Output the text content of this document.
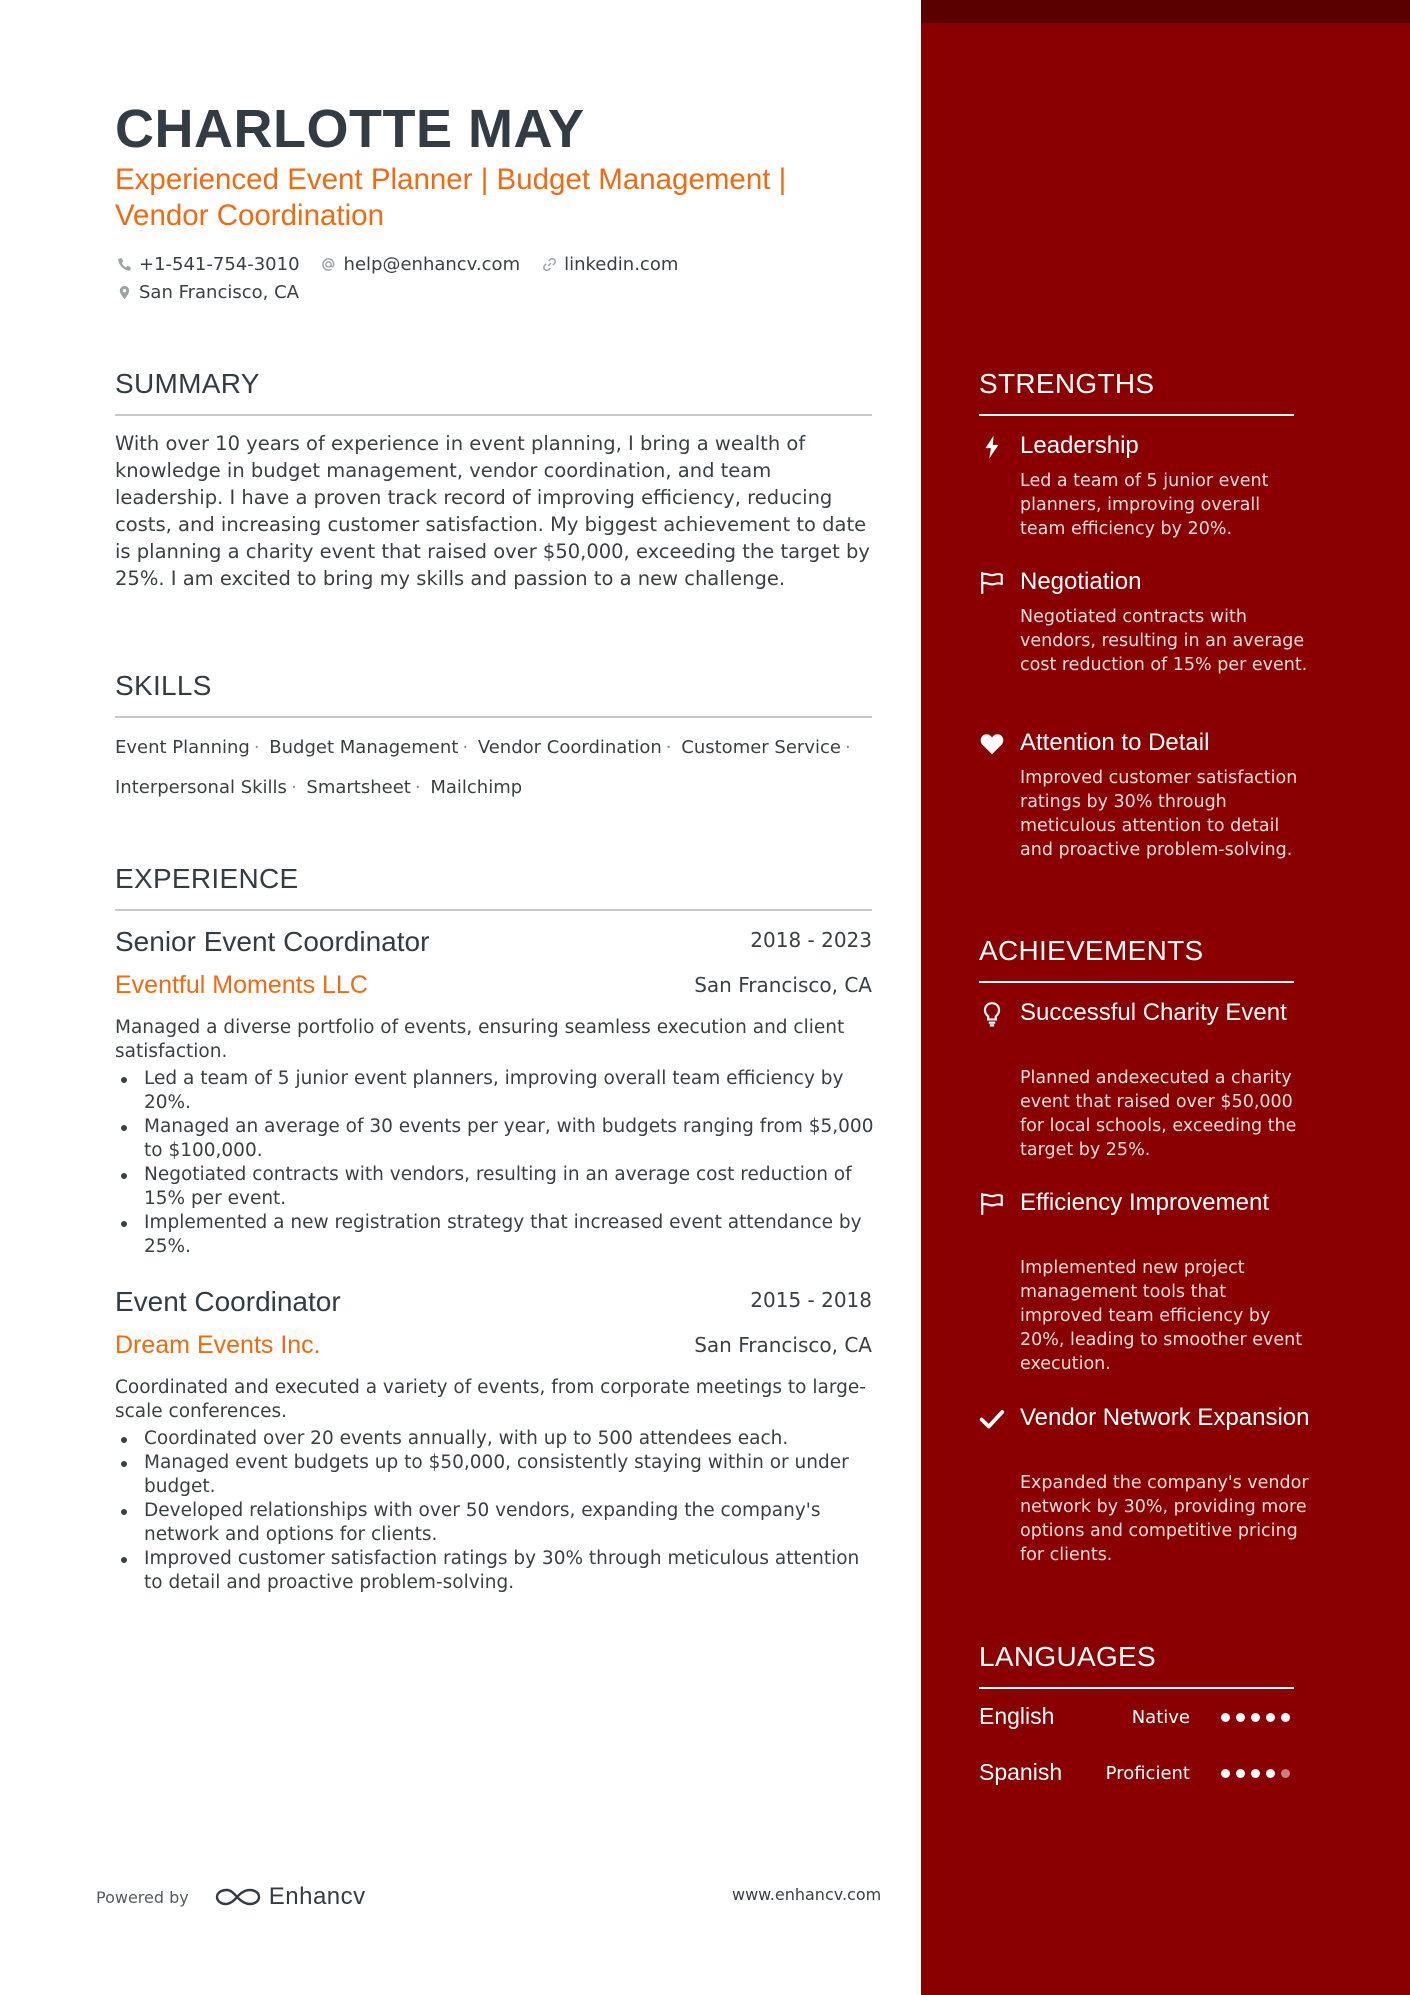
CHARLOTTE MAY
Experienced Event Planner | Budget Management | Vendor Coordination
+1-541-754-3010 help@enhancv.com linkedin.com
San Francisco, CA
SUMMARY
With over 10 years of experience in event planning, I bring a wealth of knowledge in budget management, vendor coordination, and team leadership. I have a proven track record of improving efficiency, reducing costs, and increasing customer satisfaction. My biggest achievement to date is planning a charity event that raised over $50,000, exceeding the target by 25%. I am excited to bring my skills and passion to a new challenge.
SKILLS
Event Planning · Budget Management · Vendor Coordination · Customer Service · Interpersonal Skills · Smartsheet · Mailchimp
EXPERIENCE
Senior Event Coordinator	2018 - 2023
Eventful Moments LLC	San Francisco, CA
Managed a diverse portfolio of events, ensuring seamless execution and client satisfaction.
Led a team of 5 junior event planners, improving overall team efficiency by 20%.
Managed an average of 30 events per year, with budgets ranging from $5,000 to $100,000.
Negotiated contracts with vendors, resulting in an average cost reduction of 15% per event.
Implemented a new registration strategy that increased event attendance by 25%.
Event Coordinator	2015 - 2018
Dream Events Inc.	San Francisco, CA
Coordinated and executed a variety of events, from corporate meetings to large-scale conferences.
Coordinated over 20 events annually, with up to 500 attendees each.
Managed event budgets up to $50,000, consistently staying within or under budget.
Developed relationships with over 50 vendors, expanding the company's network and options for clients.
Improved customer satisfaction ratings by 30% through meticulous attention to detail and proactive problem-solving.
Powered by	Enhancv	www.enhancv.com
STRENGTHS
Leadership
Led a team of 5 junior event planners, improving overall team efficiency by 20%.
Negotiation
Negotiated contracts with vendors, resulting in an average cost reduction of 15% per event.
Attention to Detail
Improved customer satisfaction ratings by 30% through meticulous attention to detail and proactive problem-solving.
ACHIEVEMENTS
Successful Charity Event
Planned andexecuted a charity event that raised over $50,000 for local schools, exceeding the target by 25%.
Efficiency Improvement
Implemented new project management tools that improved team efficiency by 20%, leading to smoother event execution.
Vendor Network Expansion
Expanded the company's vendor network by 30%, providing more options and competitive pricing for clients.
LANGUAGES
English	Native
Spanish	Proficient
